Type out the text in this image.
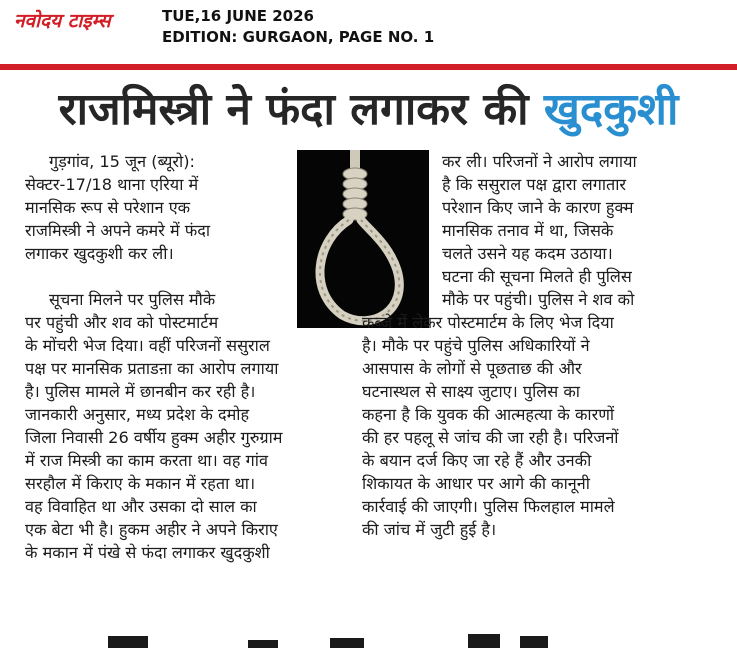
नवोदय टाइम्स	TUE,16 JUNE 2026
EDITION: GURGAON, PAGE NO. 1
राजमिस्त्री ने फंदा लगाकर की खुदकुशी
गुड़गांव, 15 जून (ब्यूरो):
सेक्टर-17/18 थाना एरिया में
मानसिक रूप से परेशान एक
राजमिस्त्री ने अपने कमरे में फंदा
लगाकर खुदकुशी कर ली।
सूचना मिलने पर पुलिस मौके
पर पहुंची और शव को पोस्टमार्टम
के मोंचरी भेज दिया। वहीं परिजनों ससुराल
पक्ष पर मानसिक प्रताडऩा का आरोप लगाया
है। पुलिस मामले में छानबीन कर रही है।
जानकारी अनुसार, मध्य प्रदेश के दमोह
जिला निवासी 26 वर्षीय हुक्म अहीर गुरुग्राम
में राज मिस्त्री का काम करता था। वह गांव
सरहौल में किराए के मकान में रहता था।
वह विवाहित था और उसका दो साल का
एक बेटा भी है। हुकम अहीर ने अपने किराए
के मकान में पंखे से फंदा लगाकर खुदकुशी
कर ली। परिजनों ने आरोप लगाया
है कि ससुराल पक्ष द्वारा लगातार
परेशान किए जाने के कारण हुक्म
मानसिक तनाव में था, जिसके
चलते उसने यह कदम उठाया।
घटना की सूचना मिलते ही पुलिस
मौके पर पहुंची। पुलिस ने शव को
कब्जे में लेकर पोस्टमार्टम के लिए भेज दिया
है। मौके पर पहुंचे पुलिस अधिकारियों ने
आसपास के लोगों से पूछताछ की और
घटनास्थल से साक्ष्य जुटाए। पुलिस का
कहना है कि युवक की आत्महत्या के कारणों
की हर पहलू से जांच की जा रही है। परिजनों
के बयान दर्ज किए जा रहे हैं और उनकी
शिकायत के आधार पर आगे की कानूनी
कार्रवाई की जाएगी। पुलिस फिलहाल मामले
की जांच में जुटी हुई है।
